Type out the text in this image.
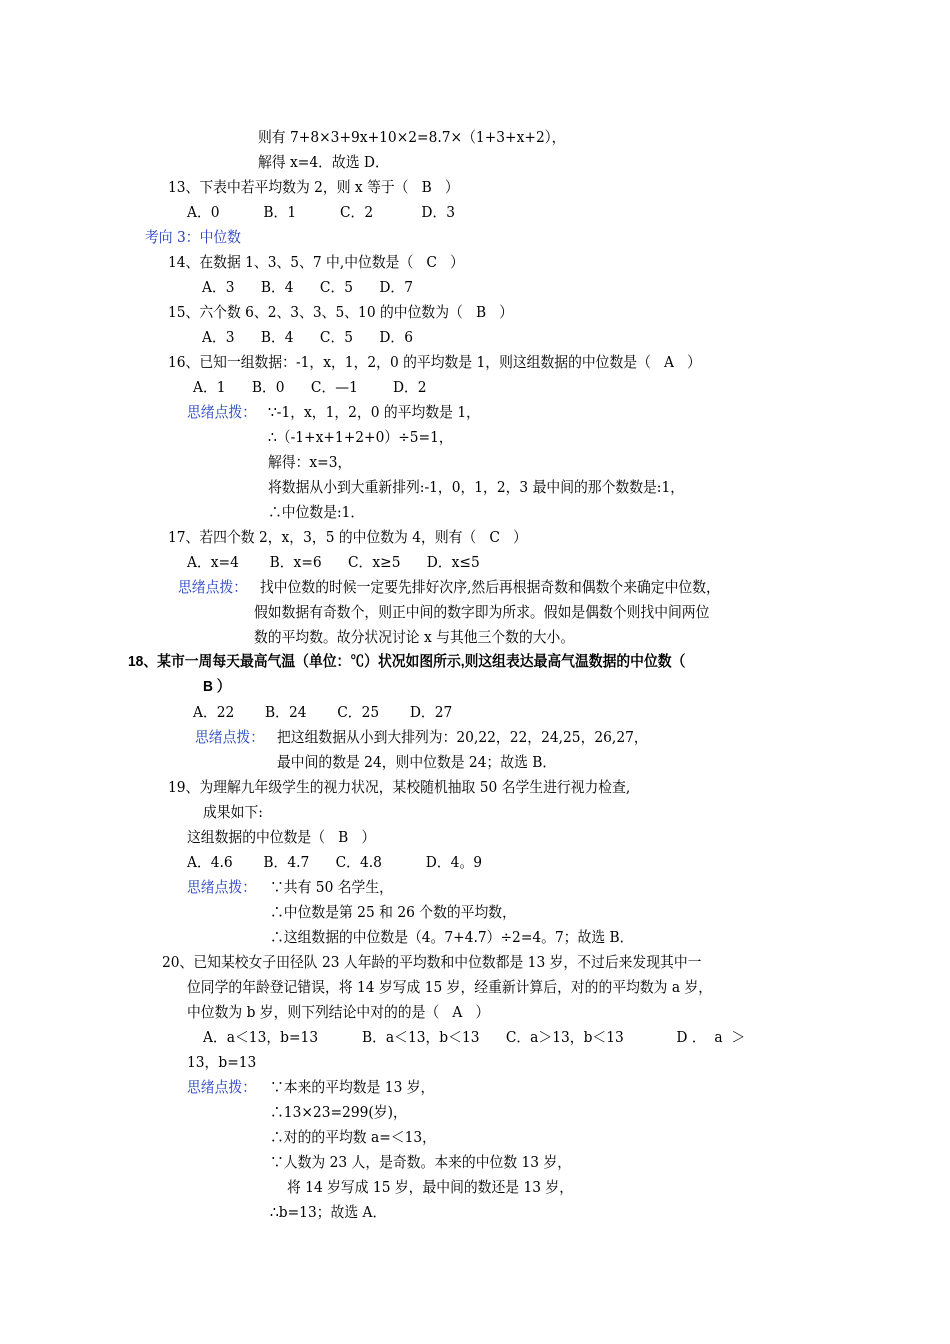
则有 7+8×3+9x+10×2=8.7×（1+3+x+2），
解得 x=4．故选 D．
13、下表中若平均数为 2，则 x 等于（   B   ）
A．0          B．1          C．2           D．3
考向 3：中位数
14、在数据 1、3、5、7 中,中位数是（   C   ）
A．3      B．4      C．5      D．7
15、六个数 6、2、3、3、5、10 的中位数为（   B   ）
A．3      B．4      C．5      D．6
16、已知一组数据：-1，x，1，2，0 的平均数是 1，则这组数据的中位数是（   A   ）
A．1      B．0      C．—1        D．2
思绪点拨： ∵-1，x，1，2，0 的平均数是 1，
∴（-1+x+1+2+0）÷5=1，
解得：x=3，
将数据从小到大重新排列:-1，0，1，2，3 最中间的那个数数是:1，
∴中位数是:1．
17、若四个数 2，x，3，5 的中位数为 4，则有（   C   ）
A．x=4       B．x=6      C．x≥5      D．x≤5
思绪点拨： 找中位数的时候一定要先排好次序,然后再根据奇数和偶数个来确定中位数，
假如数据有奇数个，则正中间的数字即为所求。假如是偶数个则找中间两位
数的平均数。故分状况讨论 x 与其他三个数的大小。
18、某市一周每天最高气温（单位：℃）状况如图所示,则这组表达最高气温数据的中位数（
B ）
A．22       B．24       C．25       D．27
思绪点拨： 把这组数据从小到大排列为：20,22，22，24,25，26,27，
最中间的数是 24，则中位数是 24；故选 B．
19、为理解九年级学生的视力状况，某校随机抽取 50 名学生进行视力检查,
成果如下:
这组数据的中位数是（   B   ）
A．4.6       B．4.7      C．4.8          D．4。9
思绪点拨： ∵共有 50 名学生，
∴中位数是第 25 和 26 个数的平均数，
∴这组数据的中位数是（4。7+4.7）÷2=4。7；故选 B．
20、已知某校女子田径队 23 人年龄的平均数和中位数都是 13 岁，不过后来发现其中一
位同学的年龄登记错误，将 14 岁写成 15 岁，经重新计算后，对的的平均数为 a 岁，
中位数为 b 岁，则下列结论中对的的是（   A   ）
A．a＜13，b=13          B．a＜13，b＜13      C．a＞13，b＜13            D ．  a  ＞
13，b=13
思绪点拨： ∵本来的平均数是 13 岁，
∴13×23=299(岁)，
∴对的的平均数 a=＜13，
∵人数为 23 人，是奇数。本来的中位数 13 岁，
将 14 岁写成 15 岁，最中间的数还是 13 岁，
∴b=13；故选 A．
